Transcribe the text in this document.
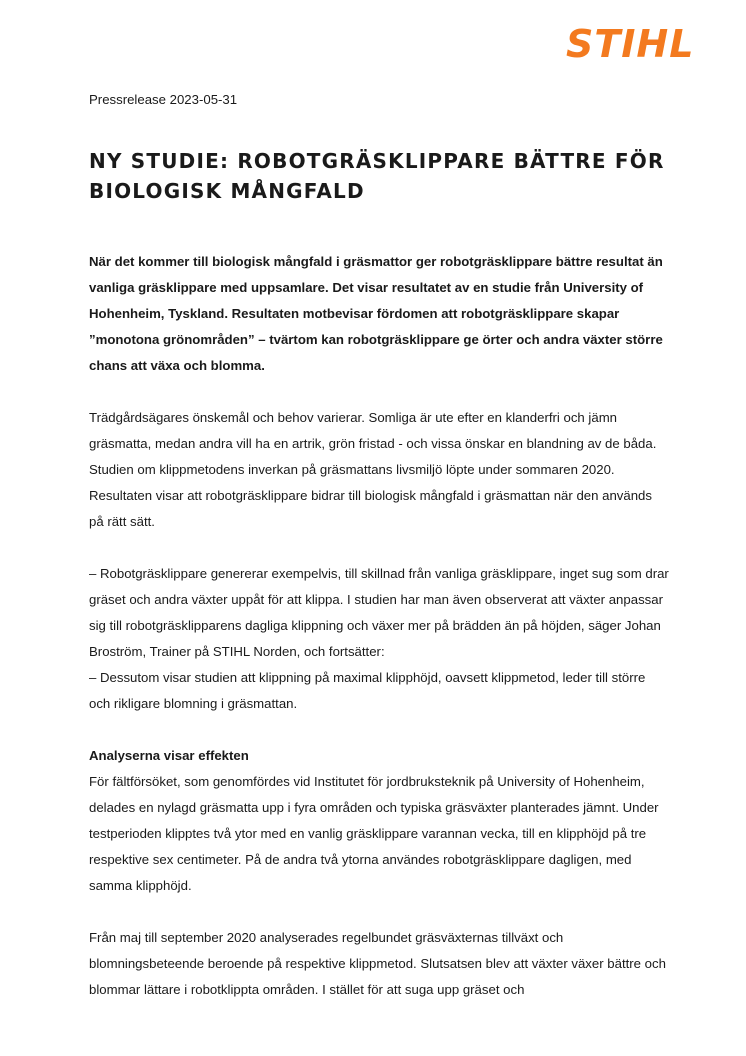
STIHL

Pressrelease 2023-05-31

NY STUDIE: ROBOTGRÄSKLIPPARE BÄTTRE FÖR BIOLOGISK MÅNGFALD

När det kommer till biologisk mångfald i gräsmattor ger robotgräsklippare bättre resultat än vanliga gräsklippare med uppsamlare. Det visar resultatet av en studie från University of Hohenheim, Tyskland. Resultaten motbevisar fördomen att robotgräsklippare skapar ”monotona grönområden” – tvärtom kan robotgräsklippare ge örter och andra växter större chans att växa och blomma.

Trädgårdsägares önskemål och behov varierar. Somliga är ute efter en klanderfri och jämn gräsmatta, medan andra vill ha en artrik, grön fristad - och vissa önskar en blandning av de båda. Studien om klippmetodens inverkan på gräsmattans livsmiljö löpte under sommaren 2020. Resultaten visar att robotgräsklippare bidrar till biologisk mångfald i gräsmattan när den används på rätt sätt.

– Robotgräsklippare genererar exempelvis, till skillnad från vanliga gräsklippare, inget sug som drar gräset och andra växter uppåt för att klippa. I studien har man även observerat att växter anpassar sig till robotgräsklipparens dagliga klippning och växer mer på brädden än på höjden, säger Johan Broström, Trainer på STIHL Norden, och fortsätter:

– Dessutom visar studien att klippning på maximal klipphöjd, oavsett klippmetod, leder till större och rikligare blomning i gräsmattan.

Analyserna visar effekten

För fältförsöket, som genomfördes vid Institutet för jordbruksteknik på University of Hohenheim, delades en nylagd gräsmatta upp i fyra områden och typiska gräsväxter planterades jämnt. Under testperioden klipptes två ytor med en vanlig gräsklippare varannan vecka, till en klipphöjd på tre respektive sex centimeter. På de andra två ytorna användes robotgräsklippare dagligen, med samma klipphöjd.

Från maj till september 2020 analyserades regelbundet gräsväxternas tillväxt och blomningsbeteende beroende på respektive klippmetod. Slutsatsen blev att växter växer bättre och blommar lättare i robotklippta områden. I stället för att suga upp gräset och
